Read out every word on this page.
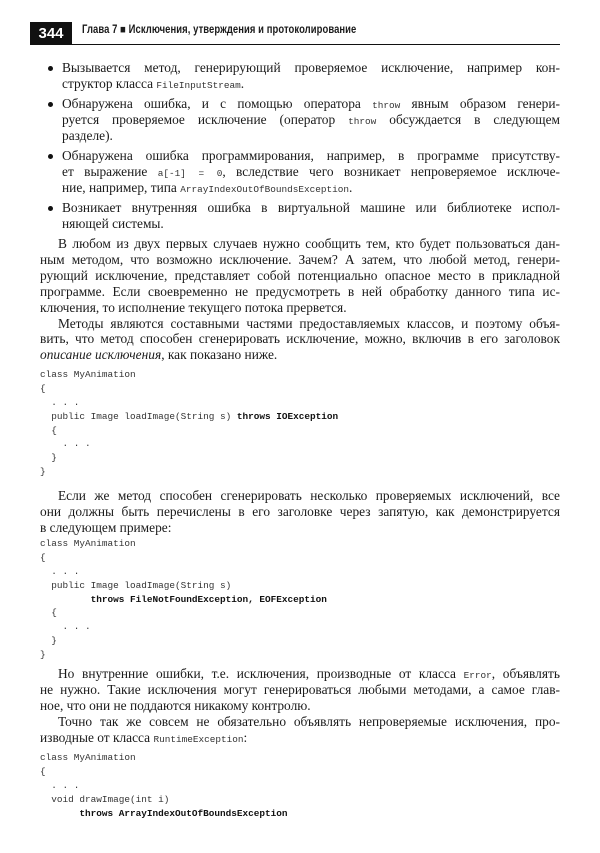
344	Глава 7 ■ Исключения, утверждения и протоколирование
Вызывается метод, генерирующий проверяемое исключение, например кон-
структор класса FileInputStream.
Обнаружена ошибка, и с помощью оператора throw явным образом генери-
руется проверяемое исключение (оператор throw обсуждается в следующем
разделе).
Обнаружена ошибка программирования, например, в программе присутству-
ет выражение a[-1] = 0, вследствие чего возникает непроверяемое исключе-
ние, например, типа ArrayIndexOutOfBoundsException.
Возникает внутренняя ошибка в виртуальной машине или библиотеке испол-
няющей системы.
В любом из двух первых случаев нужно сообщить тем, кто будет пользоваться дан-
ным методом, что возможно исключение. Зачем? А затем, что любой метод, генери-
рующий исключение, представляет собой потенциально опасное место в прикладной
программе. Если своевременно не предусмотреть в ней обработку данного типа ис-
ключения, то исполнение текущего потока прервется.
Методы являются составными частями предоставляемых классов, и поэтому объя-
вить, что метод способен сгенерировать исключение, можно, включив в его заголовок
описание исключения, как показано ниже.
class MyAnimation
{
. . .
public Image loadImage(String s) throws IOException
{
. . .
}
}
Если же метод способен сгенерировать несколько проверяемых исключений, все
они должны быть перечислены в его заголовке через запятую, как демонстрируется
в следующем примере:
class MyAnimation
{
. . .
public Image loadImage(String s)
throws FileNotFoundException, EOFException
{
. . .
}
}
Но внутренние ошибки, т.е. исключения, производные от класса Error, объявлять
не нужно. Такие исключения могут генерироваться любыми методами, а самое глав-
ное, что они не поддаются никакому контролю.
Точно так же совсем не обязательно объявлять непроверяемые исключения, про-
изводные от класса RuntimeException:
class MyAnimation
{
. . .
void drawImage(int i)
throws ArrayIndexOutOfBoundsException
